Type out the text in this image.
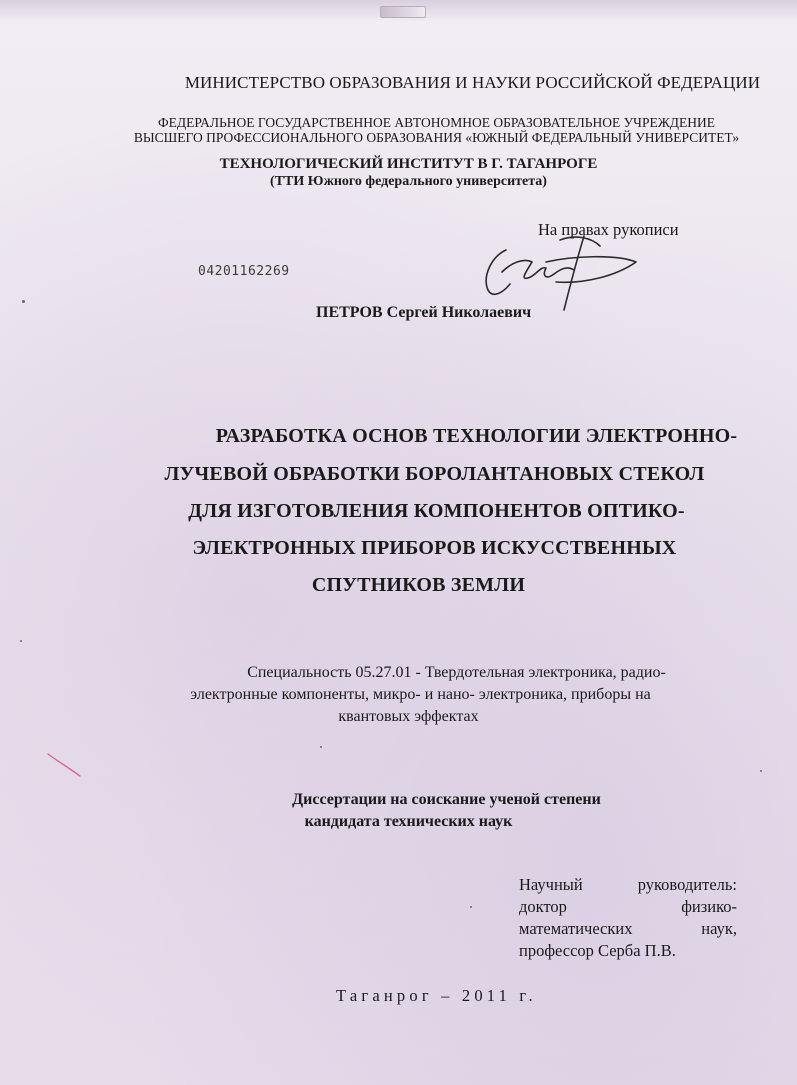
МИНИСТЕРСТВО ОБРАЗОВАНИЯ И НАУКИ РОССИЙСКОЙ ФЕДЕРАЦИИ
ФЕДЕРАЛЬНОЕ ГОСУДАРСТВЕННОЕ АВТОНОМНОЕ ОБРАЗОВАТЕЛЬНОЕ УЧРЕЖДЕНИЕ
ВЫСШЕГО ПРОФЕССИОНАЛЬНОГО ОБРАЗОВАНИЯ «ЮЖНЫЙ ФЕДЕРАЛЬНЫЙ УНИВЕРСИТЕТ»
ТЕХНОЛОГИЧЕСКИЙ ИНСТИТУТ В Г. ТАГАНРОГЕ
(ТТИ Южного федерального университета)
На правах рукописи
04201162269
ПЕТРОВ Сергей Николаевич
РАЗРАБОТКА ОСНОВ ТЕХНОЛОГИИ ЭЛЕКТРОННО-
ЛУЧЕВОЙ ОБРАБОТКИ БОРОЛАНТАНОВЫХ СТЕКОЛ
ДЛЯ ИЗГОТОВЛЕНИЯ КОМПОНЕНТОВ ОПТИКО-
ЭЛЕКТРОННЫХ ПРИБОРОВ ИСКУССТВЕННЫХ
СПУТНИКОВ ЗЕМЛИ
Специальность 05.27.01 - Твердотельная электроника, радио-
электронные компоненты, микро- и нано- электроника, приборы на
квантовых эффектах
Диссертации на соискание ученой степени
кандидата технических наук
Научный	руководитель:
доктор	физико-
математических	наук,
профессор Серба П.В.
Таганрог – 2011 г.
